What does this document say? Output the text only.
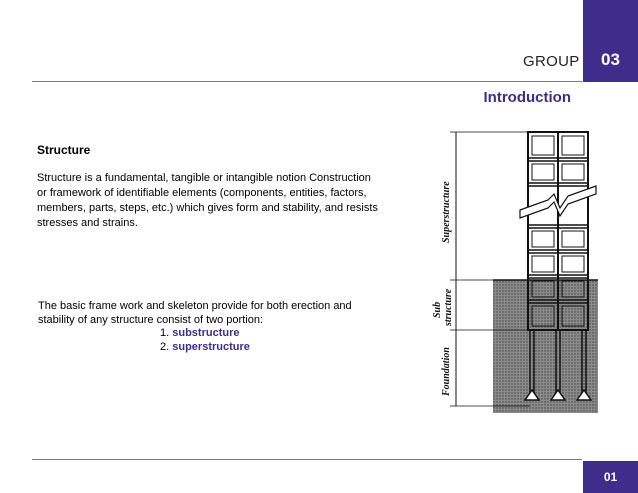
GROUP	03
Introduction
Structure
Structure is a fundamental, tangible or intangible notion Construction or framework of identifiable elements (components, entities, factors, members, parts, steps, etc.) which gives form and stability, and resists stresses and strains.
The basic frame work and skeleton provide for both erection and stability of any structure consist of two portion:
1. substructure
2. superstructure
Superstructure
Sub structure
Foundation
01
